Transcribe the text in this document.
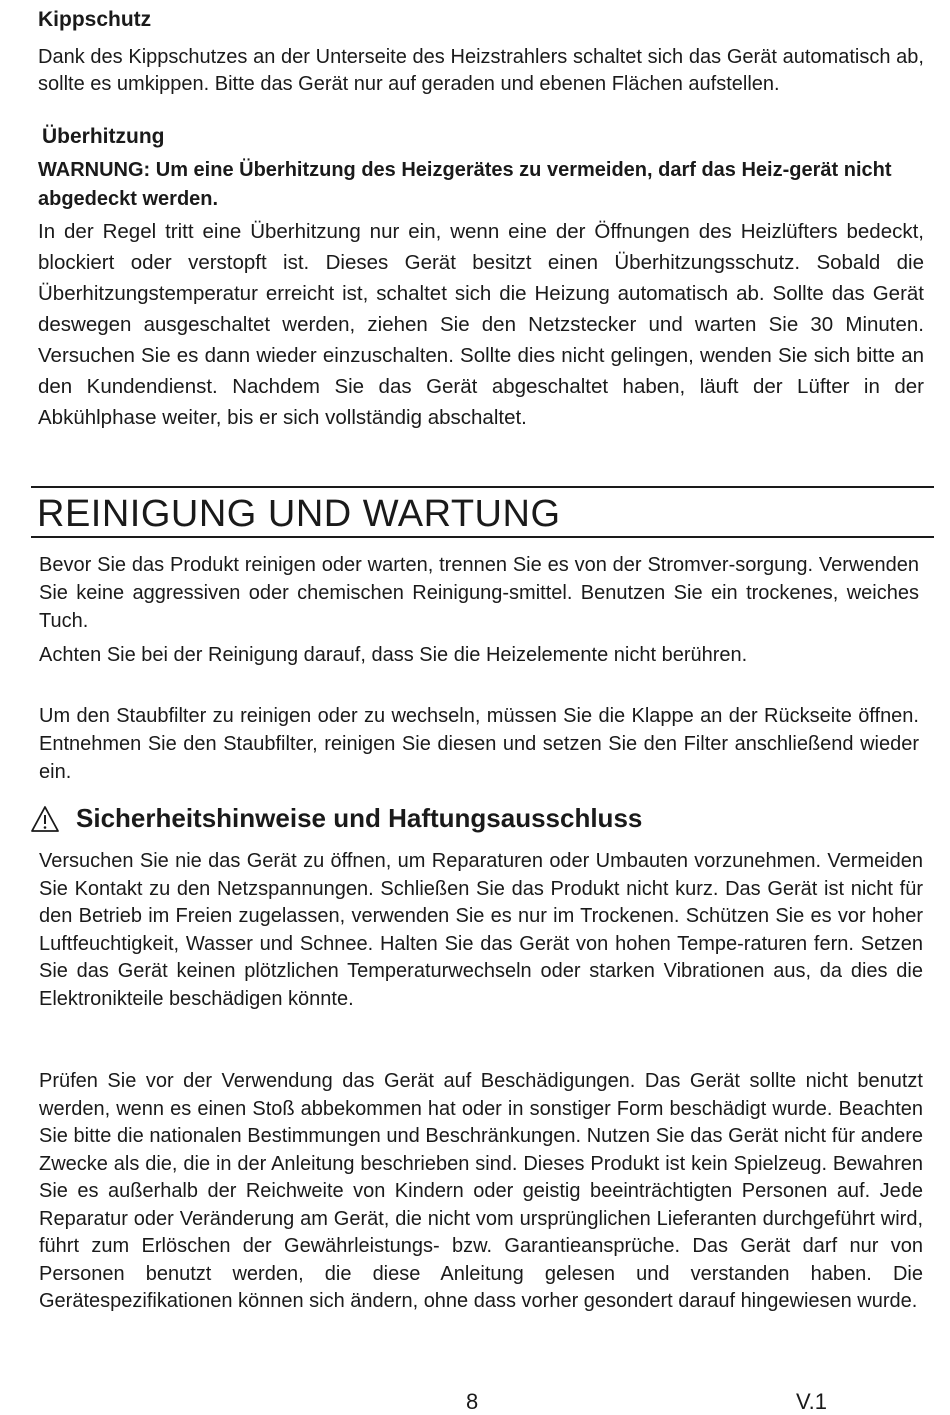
Kippschutz
Dank des Kippschutzes an der Unterseite des Heizstrahlers schaltet sich das Gerät automatisch ab, sollte es umkippen. Bitte das Gerät nur auf geraden und ebenen Flächen aufstellen.
Überhitzung
WARNUNG: Um eine Überhitzung des Heizgerätes zu vermeiden, darf das Heiz-gerät nicht abgedeckt werden.
In der Regel tritt eine Überhitzung nur ein, wenn eine der Öffnungen des Heizlüfters bedeckt, blockiert oder verstopft ist. Dieses Gerät besitzt einen Überhitzungsschutz. Sobald die Überhitzungstemperatur erreicht ist, schaltet sich die Heizung automatisch ab. Sollte das Gerät deswegen ausgeschaltet werden, ziehen Sie den Netzstecker und warten Sie 30 Minuten. Versuchen Sie es dann wieder einzuschalten. Sollte dies nicht gelingen, wenden Sie sich bitte an den Kundendienst. Nachdem Sie das Gerät abgeschaltet haben, läuft der Lüfter in der Abkühlphase weiter, bis er sich vollständig abschaltet.
REINIGUNG UND WARTUNG
Bevor Sie das Produkt reinigen oder warten, trennen Sie es von der Stromver-sorgung. Verwenden Sie keine aggressiven oder chemischen Reinigung-smittel. Benutzen Sie ein trockenes, weiches Tuch.
Achten Sie bei der Reinigung darauf, dass Sie die Heizelemente nicht berühren.
Um den Staubfilter zu reinigen oder zu wechseln, müssen Sie die Klappe an der Rückseite öffnen. Entnehmen Sie den Staubfilter, reinigen Sie diesen und setzen Sie den Filter anschließend wieder ein.
Sicherheitshinweise und Haftungsausschluss
Versuchen Sie nie das Gerät zu öffnen, um Reparaturen oder Umbauten vorzunehmen. Vermeiden Sie Kontakt zu den Netzspannungen. Schließen Sie das Produkt nicht kurz. Das Gerät ist nicht für den Betrieb im Freien zugelassen, verwenden Sie es nur im Trockenen. Schützen Sie es vor hoher Luftfeuchtigkeit, Wasser und Schnee. Halten Sie das Gerät von hohen Tempe-raturen fern. Setzen Sie das Gerät keinen plötzlichen Temperaturwechseln oder starken Vibrationen aus, da dies die Elektronikteile beschädigen könnte.
Prüfen Sie vor der Verwendung das Gerät auf Beschädigungen. Das Gerät sollte nicht benutzt werden, wenn es einen Stoß abbekommen hat oder in sonstiger Form beschädigt wurde. Beachten Sie bitte die nationalen Bestimmungen und Beschränkungen. Nutzen Sie das Gerät nicht für andere Zwecke als die, die in der Anleitung beschrieben sind. Dieses Produkt ist kein Spielzeug. Bewahren Sie es außerhalb der Reichweite von Kindern oder geistig beeinträchtigten Personen auf. Jede Reparatur oder Veränderung am Gerät, die nicht vom ursprünglichen Lieferanten durchgeführt wird, führt zum Erlöschen der Gewährleistungs- bzw. Garantieansprüche. Das Gerät darf nur von Personen benutzt werden, die diese Anleitung gelesen und verstanden haben. Die Gerätespezifikationen können sich ändern, ohne dass vorher gesondert darauf hingewiesen wurde.
8	V.1
